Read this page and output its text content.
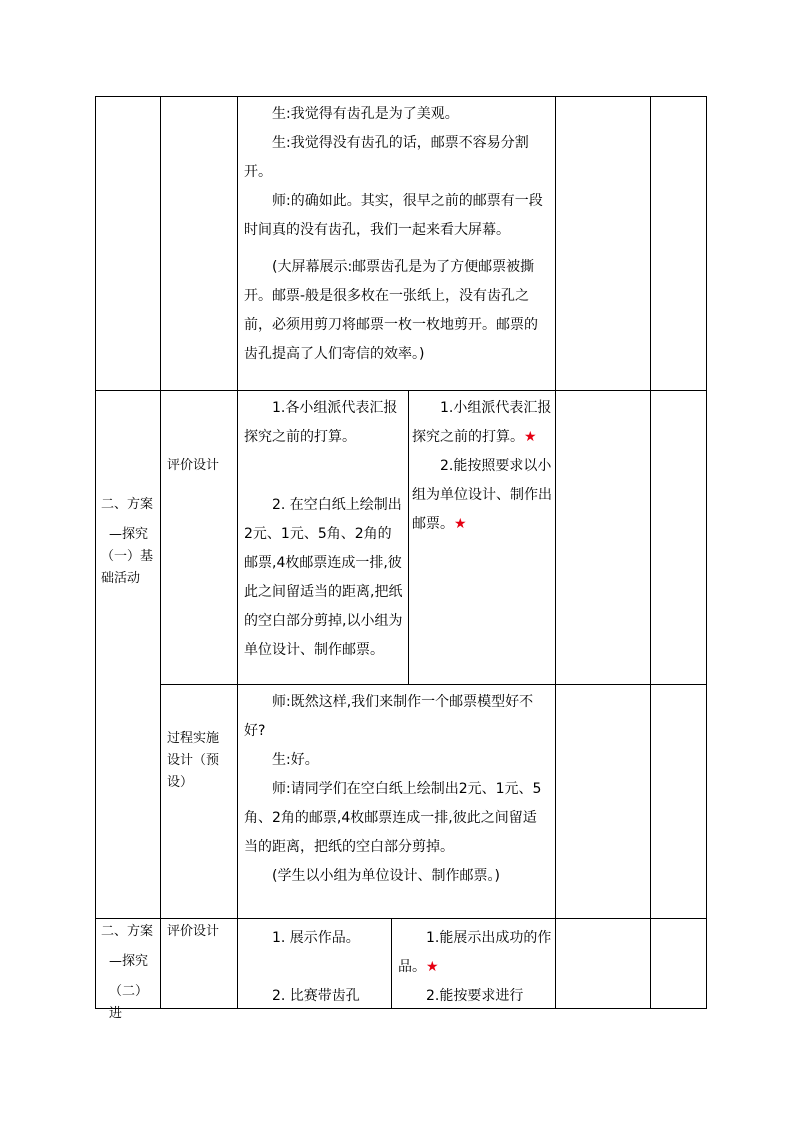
生:我觉得有齿孔是为了美观。

生:我觉得没有齿孔的话，邮票不容易分割开。

师:的确如此。其实，很早之前的邮票有一段时间真的没有齿孔，我们一起来看大屏幕。

(大屏幕展示:邮票齿孔是为了方便邮票被撕开。邮票-般是很多枚在一张纸上，没有齿孔之前，必须用剪刀将邮票一枚一枚地剪开。邮票的齿孔提高了人们寄信的效率。)

二、方案
—探究
（一）基
础活动
评价设计

1.各小组派代表汇报探究之前的打算。

2. 在空白纸上绘制出2元、1元、5角、2角的邮票,4枚邮票连成一排,彼此之间留适当的距离,把纸的空白部分剪掉,以小组为单位设计、制作邮票。

1.小组派代表汇报探究之前的打算。★

2.能按照要求以小组为单位设计、制作出邮票。★

过程实施
设计（预
设）

师:既然这样,我们来制作一个邮票模型好不好?

生:好。

师:请同学们在空白纸上绘制出2元、1元、5角、2角的邮票,4枚邮票连成一排,彼此之间留适当的距离，把纸的空白部分剪掉。

(学生以小组为单位设计、制作邮票。)

二、方案
—探究
（二）进
评价设计	1. 展示作品。

2. 比赛带齿孔

1.能展示出成功的作品。★

2.能按要求进行
